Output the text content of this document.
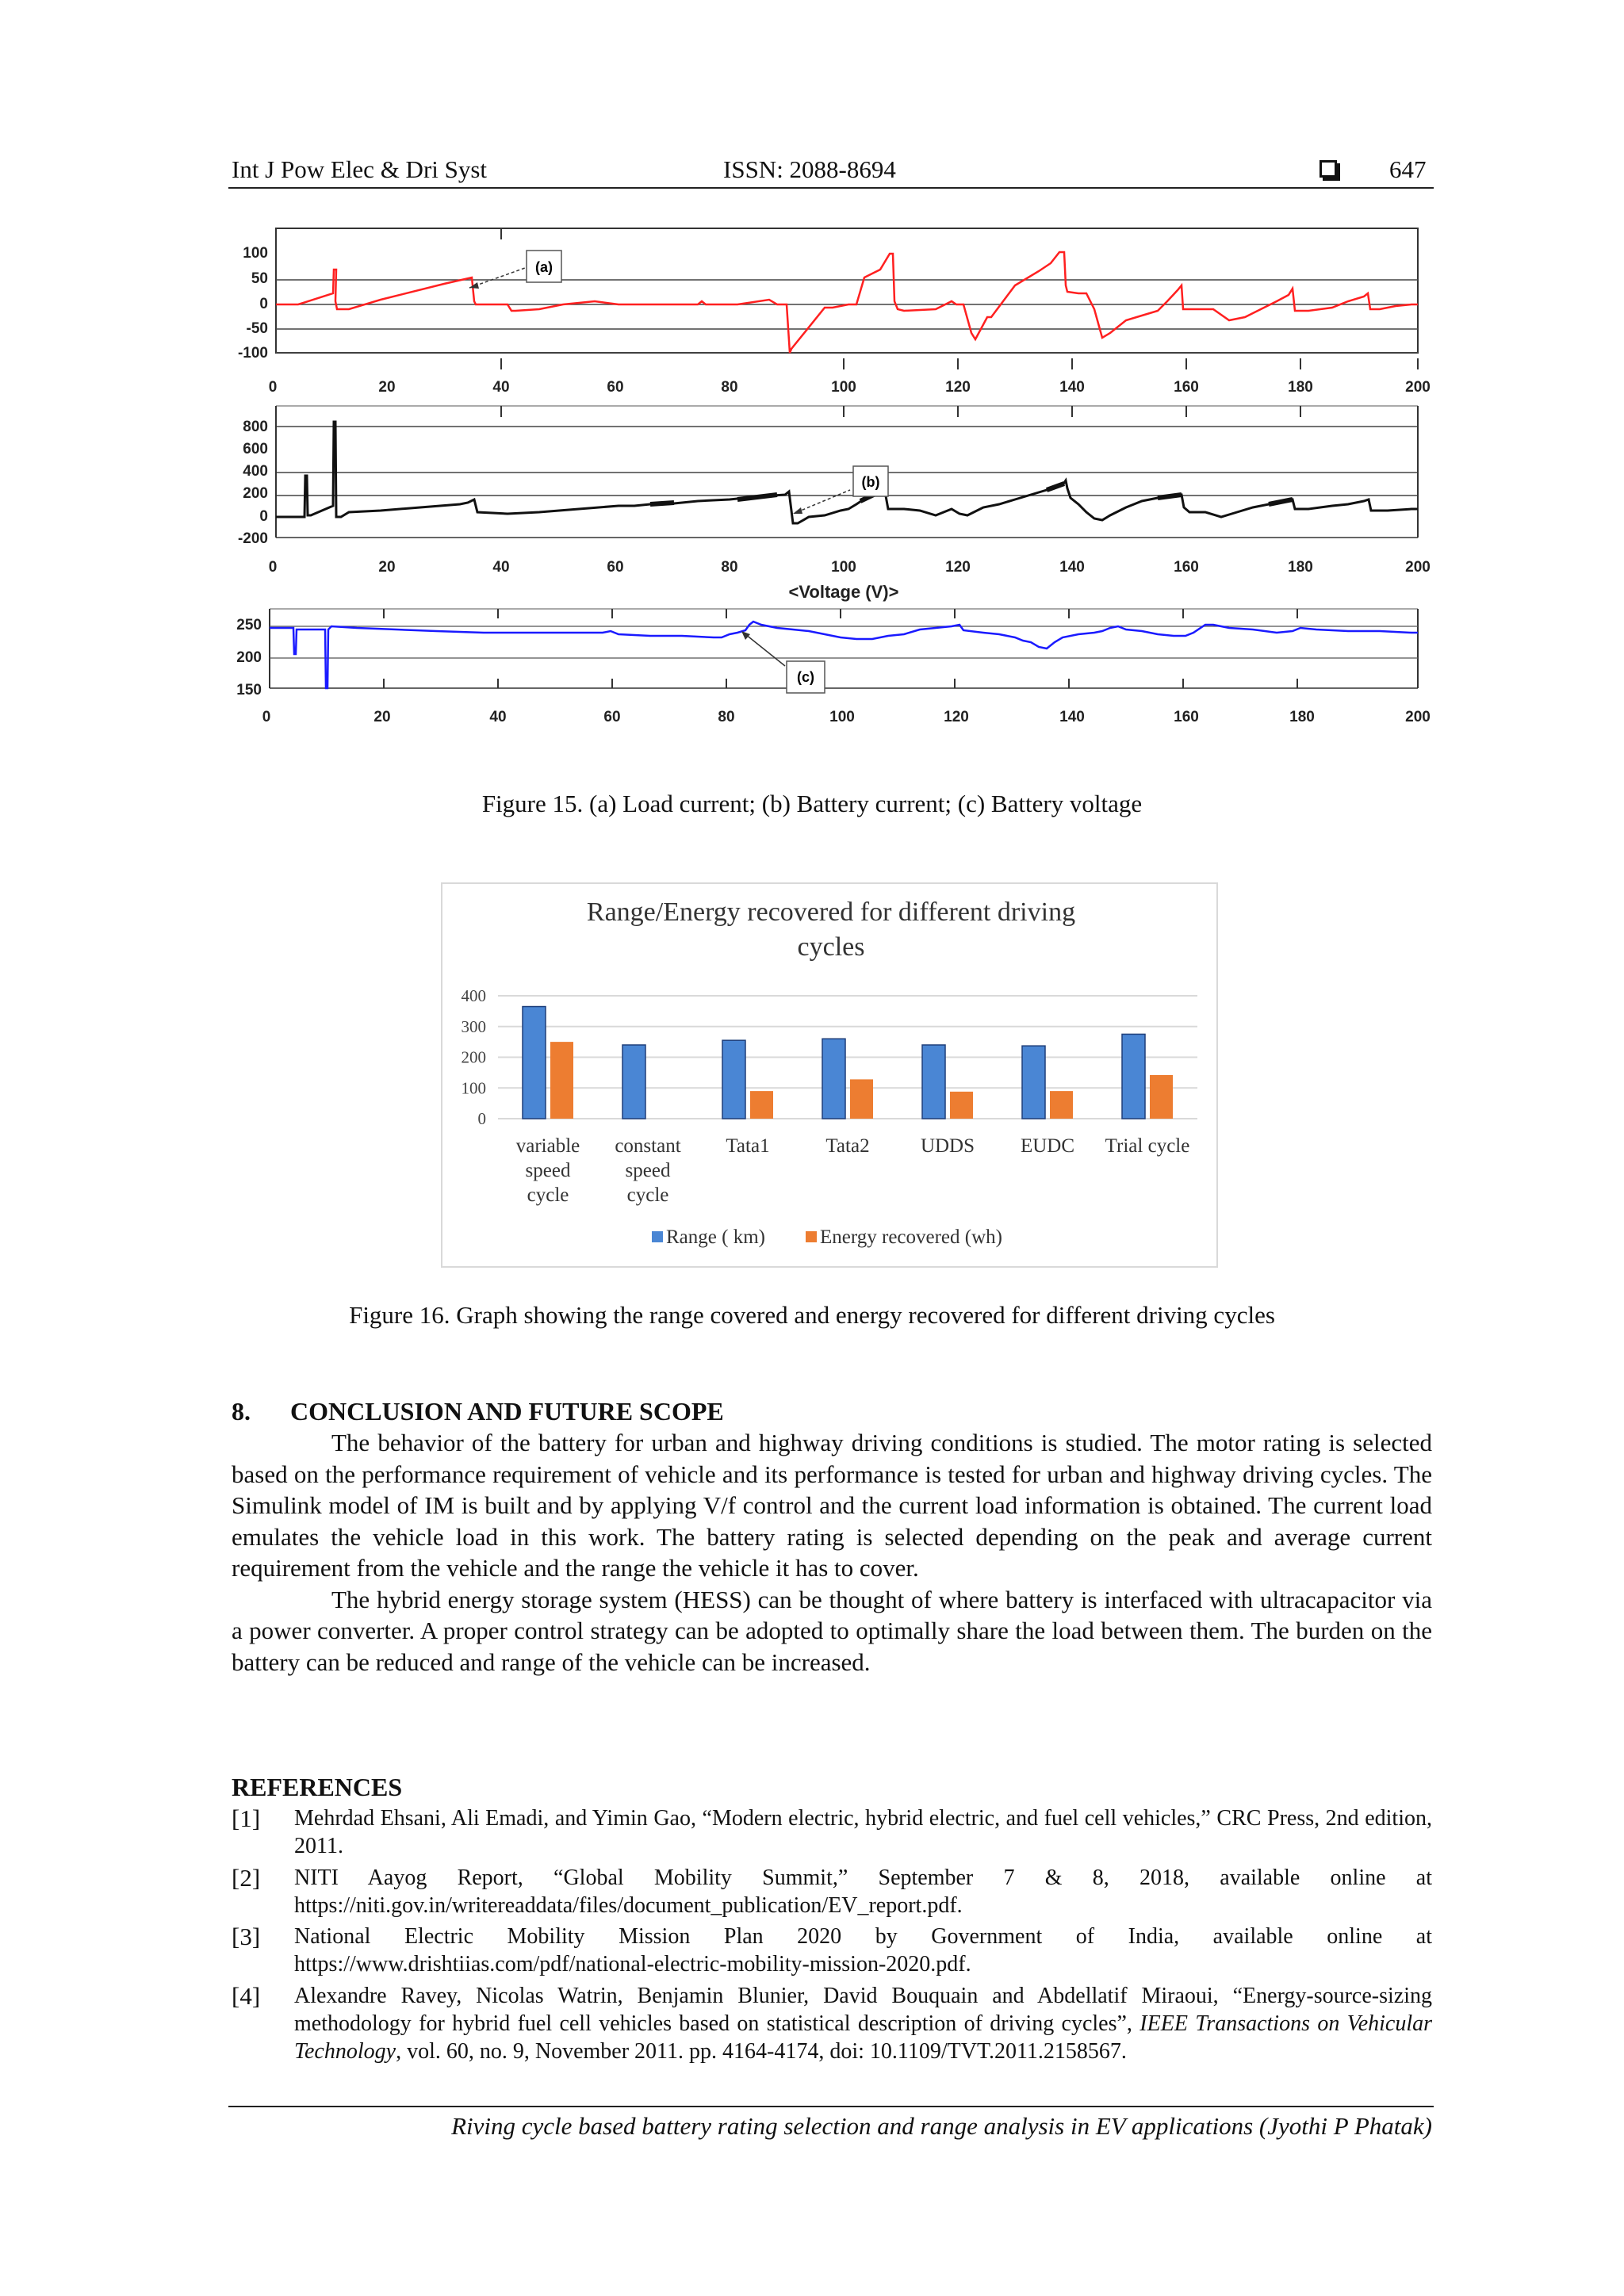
Int J Pow Elec & Dri Syst	ISSN: 2088-8694	647
(a)
100
50
0
-50
-100
0	20	40	60	80	100	120	140	160	180	200
(b)
800
600
400
200
0
-200
0	20	40	60	80	100	120	140	160	180	200
<Voltage (V)>
(c)
250
200
150
0	20	40	60	80	100	120	140	160	180	200
Figure 15. (a) Load current; (b) Battery current; (c) Battery voltage
Range/Energy recovered for different driving
cycles
400
300
200
100
0
variable
speed
cycle
constant
speed
cycle
Tata1	Tata2	UDDS EUDC Trial cycle
Range ( km)	Energy recovered (wh)
Figure 16. Graph showing the range covered and energy recovered for different driving cycles
8. CONCLUSION AND FUTURE SCOPE

The behavior of the battery for urban and highway driving conditions is studied. The motor rating is selected based on the performance requirement of vehicle and its performance is tested for urban and highway driving cycles. The Simulink model of IM is built and by applying V/f control and the current load information is obtained. The current load emulates the vehicle load in this work. The battery rating is selected depending on the peak and average current requirement from the vehicle and the range the vehicle it has to cover.

The hybrid energy storage system (HESS) can be thought of where battery is interfaced with ultracapacitor via a power converter. A proper control strategy can be adopted to optimally share the load between them. The burden on the battery can be reduced and range of the vehicle can be increased.

REFERENCES
[1] Mehrdad Ehsani, Ali Emadi, and Yimin Gao, “Modern electric, hybrid electric, and fuel cell vehicles,” CRC Press, 2nd edition, 2011.
[2] NITI Aayog Report, “Global Mobility Summit,” September 7 & 8, 2018, available online at https://niti.gov.in/writereaddata/files/document_publication/EV_report.pdf.
[3] National Electric Mobility Mission Plan 2020 by Government of India, available online at https://www.drishtiias.com/pdf/national-electric-mobility-mission-2020.pdf.
[4] Alexandre Ravey, Nicolas Watrin, Benjamin Blunier, David Bouquain and Abdellatif Miraoui, “Energy-source-sizing methodology for hybrid fuel cell vehicles based on statistical description of driving cycles”, IEEE Transactions on Vehicular Technology, vol. 60, no. 9, November 2011. pp. 4164-4174, doi: 10.1109/TVT.2011.2158567.
Riving cycle based battery rating selection and range analysis in EV applications (Jyothi P Phatak)
